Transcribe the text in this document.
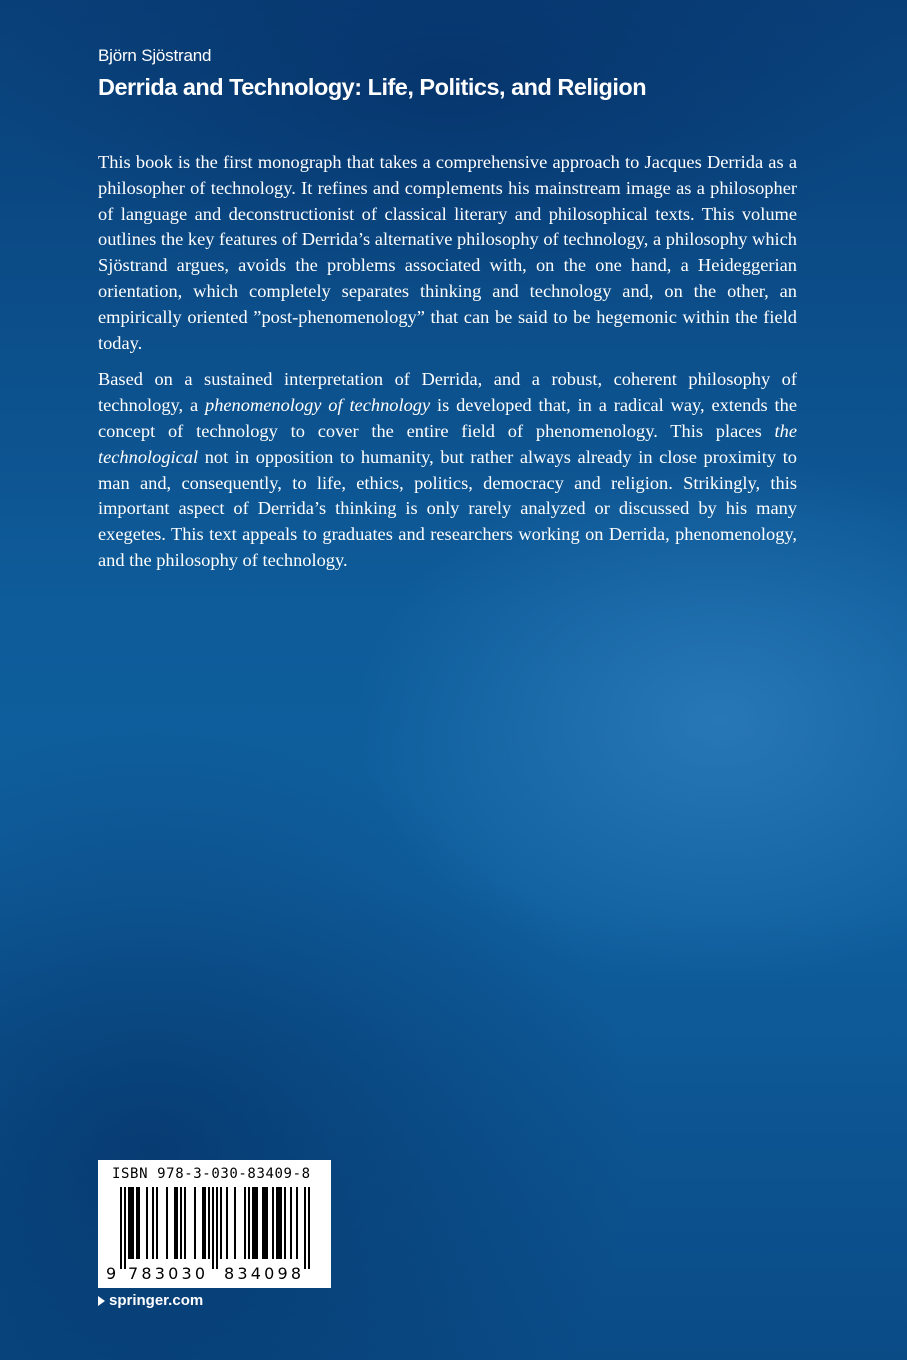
Björn Sjöstrand
Derrida and Technology: Life, Politics, and Religion

This book is the first monograph that takes a comprehensive approach to Jacques Derrida as a philosopher of technology. It refines and complements his mainstream image as a philosopher of language and deconstructionist of classical literary and philosophical texts. This volume outlines the key features of Derrida’s alternative philosophy of technology, a philosophy which Sjöstrand argues, avoids the problems associated with, on the one hand, a Heideggerian orientation, which completely separates thinking and technology and, on the other, an empirically oriented ”post-phenomenology” that can be said to be hegemonic within the field today.

Based on a sustained interpretation of Derrida, and a robust, coherent philosophy of technology, a phenomenology of technology is developed that, in a radical way, extends the concept of technology to cover the entire field of phenomenology. This places the technological not in opposition to humanity, but rather always already in close proximity to man and, consequently, to life, ethics, politics, democracy and religion. Strikingly, this important aspect of Derrida’s thinking is only rarely analyzed or discussed by his many exegetes. This text appeals to graduates and researchers working on Derrida, phenomenology, and the philosophy of technology.

ISBN 978-3-030-83409-8
9 783030 834098
springer.com
